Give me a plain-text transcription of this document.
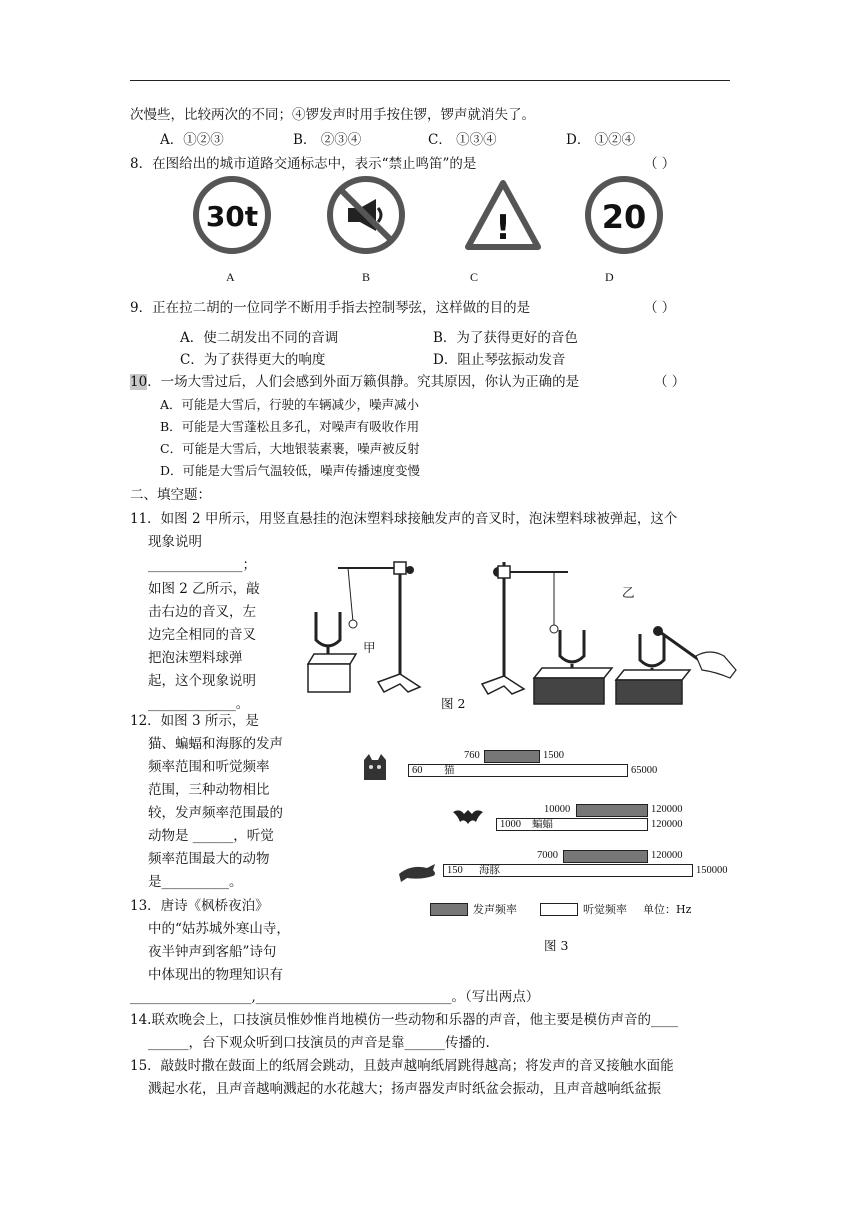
次慢些，比较两次的不同；④锣发声时用手按住锣，锣声就消失了。
A．①②③	B． ②③④	C． ①③④	D． ①②④
8．在图给出的城市道路交通标志中，表示“禁止鸣笛”的是	（ ）
30t	!	20
A	B	C	D
9．正在拉二胡的一位同学不断用手指去控制琴弦，这样做的目的是	（ ）
A．使二胡发出不同的音调	B．为了获得更好的音色
C．为了获得更大的响度	D．阻止琴弦振动发音
10．一场大雪过后，人们会感到外面万籁俱静。究其原因，你认为正确的是	（ ）
A．可能是大雪后，行驶的车辆减少，噪声减小
B．可能是大雪蓬松且多孔，对噪声有吸收作用
C．可能是大雪后，大地银装素裹，噪声被反射
D．可能是大雪后气温较低，噪声传播速度变慢
二、填空题：
11．如图 2 甲所示，用竖直悬挂的泡沫塑料球接触发声的音叉时，泡沫塑料球被弹起，这个
现象说明
______________；
如图 2 乙所示，敲
击右边的音叉，左
边完全相同的音叉
把泡沫塑料球弹
起，这个现象说明
_____________。
甲
乙
图 2
12．如图 3 所示，是
猫、蝙蝠和海豚的发声
频率范围和听觉频率
范围，三种动物相比
较，发声频率范围最的
动物是 ______，听觉
频率范围最大的动物
是__________。
760	1500
60 猫	65000
10000	120000
1000 蝙蝠	120000
7000	120000
150 海豚	150000
发声频率	听觉频率 单位：Hz
图 3
13．唐诗《枫桥夜泊》
中的“姑苏城外寒山寺，
夜半钟声到客船”诗句
中体现出的物理知识有
__________________,_____________________________。（写出两点）
14.联欢晚会上，口技演员惟妙惟肖地模仿一些动物和乐器的声音，他主要是模仿声音的____
______，台下观众听到口技演员的声音是靠______传播的.
15．敲鼓时撒在鼓面上的纸屑会跳动，且鼓声越响纸屑跳得越高；将发声的音叉接触水面能
溅起水花，且声音越响溅起的水花越大；扬声器发声时纸盆会振动，且声音越响纸盆振
